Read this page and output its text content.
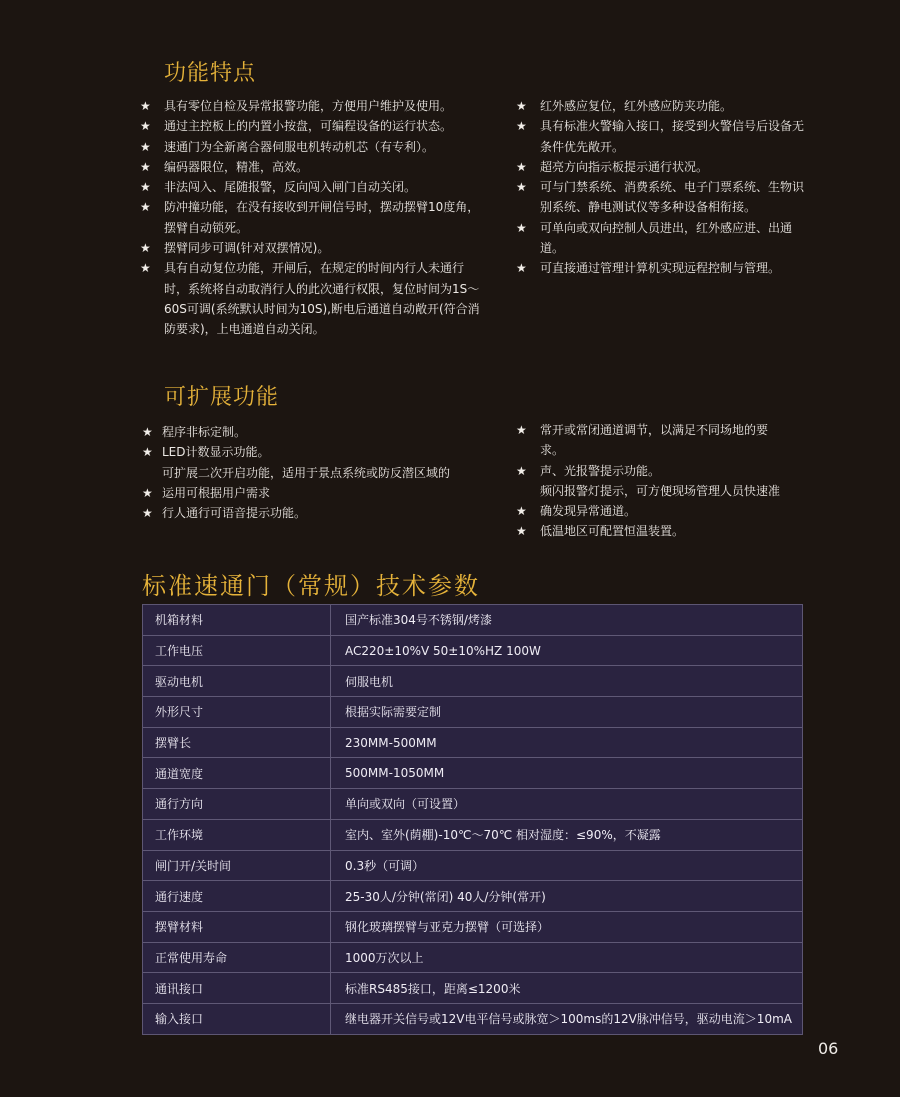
功能特点
★ 具有零位自检及异常报警功能，方便用户维护及使用。
★ 通过主控板上的内置小按盘，可编程设备的运行状态。
★ 速通门为全新离合器伺服电机转动机芯（有专利）。
★ 编码器限位，精准，高效。
★ 非法闯入、尾随报警，反向闯入闸门自动关闭。
★ 防冲撞功能，在没有接收到开闸信号时，摆动摆臂10度角，摆臂自动锁死。
★ 摆臂同步可调(针对双摆情况)。
★ 具有自动复位功能，开闸后，在规定的时间内行人未通行时，系统将自动取消行人的此次通行权限，复位时间为1S～60S可调(系统默认时间为10S),断电后通道自动敞开(符合消防要求)，上电通道自动关闭。
★ 红外感应复位，红外感应防夹功能。
★ 具有标准火警输入接口，接受到火警信号后设备无条件优先敞开。
★ 超亮方向指示板提示通行状况。
★ 可与门禁系统、消费系统、电子门票系统、生物识别系统、静电测试仪等多种设备相衔接。
★ 可单向或双向控制人员进出，红外感应进、出通道。
★ 可直接通过管理计算机实现远程控制与管理。
可扩展功能
★ 程序非标定制。
★ LED计数显示功能。
可扩展二次开启功能，适用于景点系统或防反潜区域的
★ 运用可根据用户需求
★ 行人通行可语音提示功能。
★ 常开或常闭通道调节，以满足不同场地的要
求。
★ 声、光报警提示功能。
频闪报警灯提示，可方便现场管理人员快速准
★ 确发现异常通道。
★ 低温地区可配置恒温装置。
标准速通门（常规）技术参数
机箱材料	国产标准304号不锈钢/烤漆
工作电压	AC220±10%V 50±10%HZ 100W
驱动电机	伺服电机
外形尺寸	根据实际需要定制
摆臂长	230MM-500MM
通道宽度	500MM-1050MM
通行方向	单向或双向（可设置）
工作环境	室内、室外(荫棚)-10℃～70℃ 相对湿度：≤90%，不凝露
闸门开/关时间	0.3秒（可调）
通行速度	25-30人/分钟(常闭) 40人/分钟(常开)
摆臂材料	钢化玻璃摆臂与亚克力摆臂（可选择）
正常使用寿命	1000万次以上
通讯接口	标准RS485接口，距离≤1200米
输入接口	继电器开关信号或12V电平信号或脉宽＞100ms的12V脉冲信号，驱动电流＞10mA
06
